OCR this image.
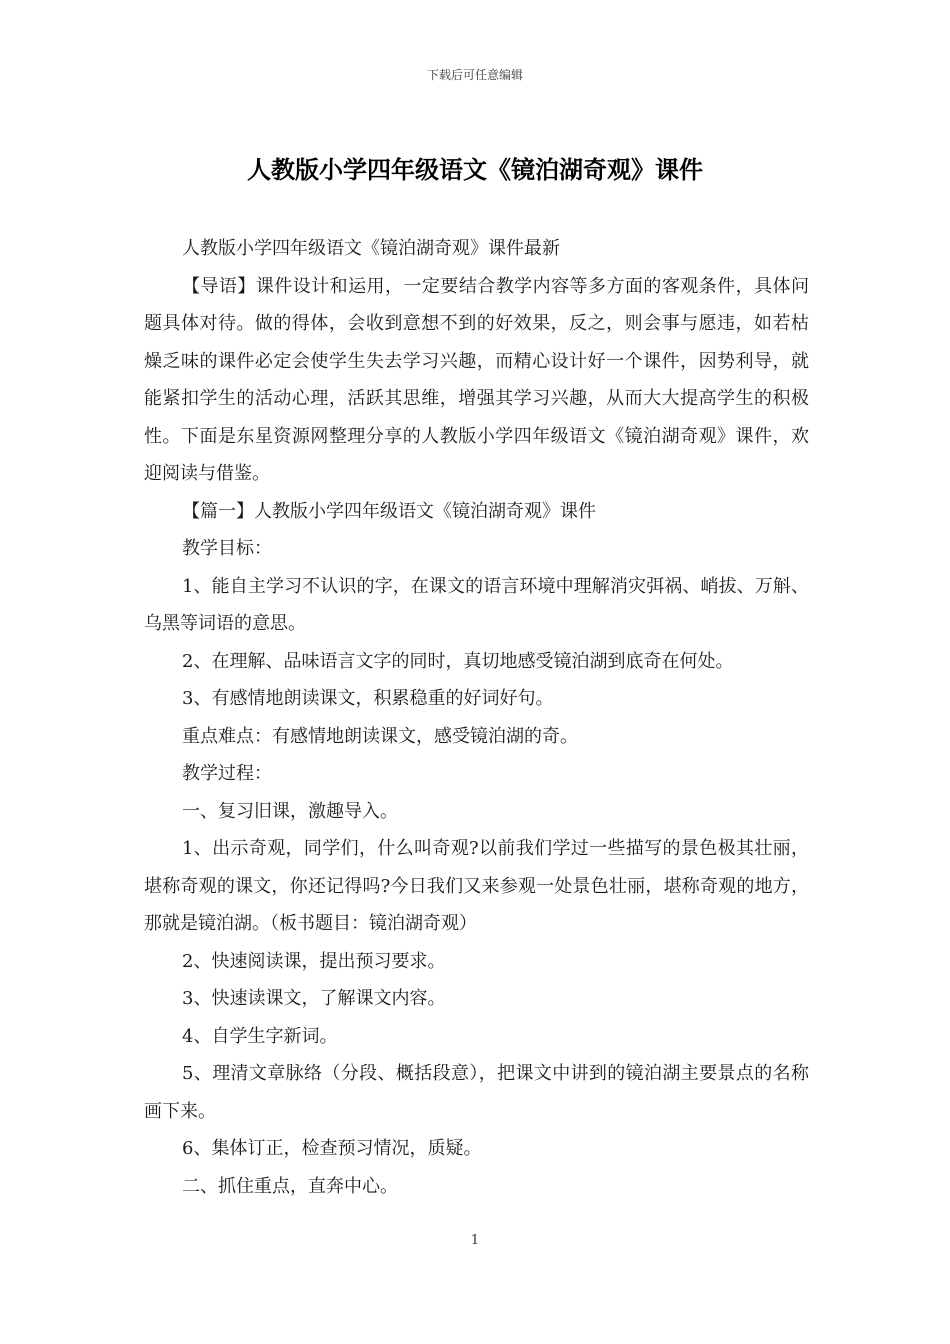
下载后可任意编辑
人教版小学四年级语文《镜泊湖奇观》课件

人教版小学四年级语文《镜泊湖奇观》课件最新

【导语】课件设计和运用，一定要结合教学内容等多方面的客观条件，具体问题具体对待。做的得体，会收到意想不到的好效果，反之，则会事与愿违，如若枯燥乏味的课件必定会使学生失去学习兴趣，而精心设计好一个课件，因势利导，就能紧扣学生的活动心理，活跃其思维，增强其学习兴趣，从而大大提高学生的积极性。下面是东星资源网整理分享的人教版小学四年级语文《镜泊湖奇观》课件，欢迎阅读与借鉴。

【篇一】人教版小学四年级语文《镜泊湖奇观》课件

教学目标：

1、能自主学习不认识的字，在课文的语言环境中理解消灾弭祸、峭拔、万斛、乌黑等词语的意思。

2、在理解、品味语言文字的同时，真切地感受镜泊湖到底奇在何处。

3、有感情地朗读课文，积累稳重的好词好句。

重点难点：有感情地朗读课文，感受镜泊湖的奇。

教学过程：

一、复习旧课，激趣导入。

1、出示奇观，同学们，什么叫奇观?以前我们学过一些描写的景色极其壮丽，堪称奇观的课文，你还记得吗?今日我们又来参观一处景色壮丽，堪称奇观的地方，那就是镜泊湖。（板书题目：镜泊湖奇观）

2、快速阅读课，提出预习要求。

3、快速读课文，了解课文内容。

4、自学生字新词。

5、理清文章脉络（分段、概括段意），把课文中讲到的镜泊湖主要景点的名称画下来。

6、集体订正，检查预习情况，质疑。

二、抓住重点，直奔中心。

1
